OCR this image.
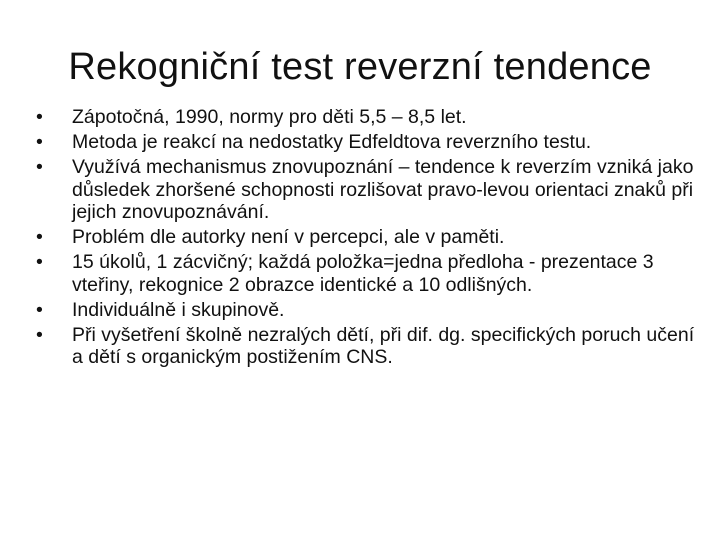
Rekogniční test reverzní tendence
•	Zápotočná, 1990, normy pro děti 5,5 – 8,5 let.
•	Metoda je reakcí na nedostatky Edfeldtova reverzního testu.
•	Využívá mechanismus znovupoznání – tendence k reverzím vzniká jako důsledek zhoršené schopnosti rozlišovat pravo-levou orientaci znaků při jejich znovupoznávání.
•	Problém dle autorky není v percepci, ale v paměti.
•	15 úkolů, 1 zácvičný; každá položka=jedna předloha - prezentace 3 vteřiny, rekognice 2 obrazce identické a 10 odlišných.
•	Individuálně i skupinově.
•	Při vyšetření školně nezralých dětí, při dif. dg. specifických poruch učení a dětí s organickým postižením CNS.
